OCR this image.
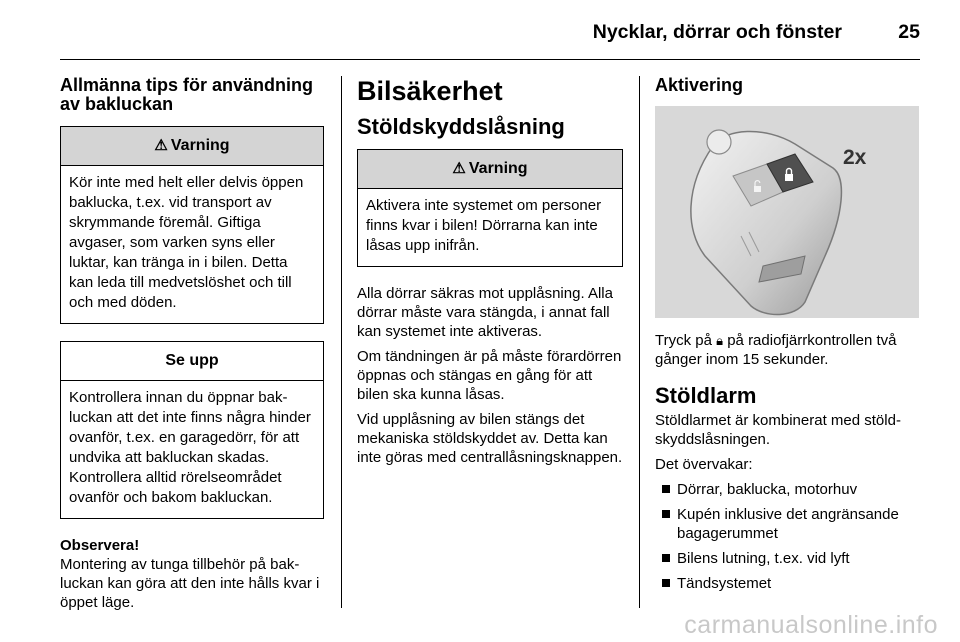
Nycklar, dörrar och fönster	25
Allmänna tips för användning av bakluckan
⚠ Varning
Kör inte med helt eller delvis öppen baklucka, t.ex. vid transport av skrymmande föremål. Giftiga avgaser, som varken syns eller luktar, kan tränga in i bilen. Detta kan leda till medvetslöshet och till och med döden.
Se upp
Kontrollera innan du öppnar bakluckan att det inte finns några hinder ovanför, t.ex. en garagedörr, för att undvika att bakluckan skadas. Kontrollera alltid rörelseområdet ovanför och bakom bakluckan.
Observera!

Montering av tunga tillbehör på bakluckan kan göra att den inte hålls kvar i öppet läge.

Bilsäkerhet
Stöldskyddslåsning
⚠ Varning
Aktivera inte systemet om personer finns kvar i bilen! Dörrarna kan inte låsas upp inifrån.

Alla dörrar säkras mot upplåsning. Alla dörrar måste vara stängda, i annat fall kan systemet inte aktiveras.

Om tändningen är på måste förardörren öppnas och stängas en gång för att bilen ska kunna låsas.

Vid upplåsning av bilen stängs det mekaniska stöldskyddet av. Detta kan inte göras med centrallåsningsknappen.

Aktivering
2x

Tryck på 🔒︎ på radiofjärrkontrollen två gånger inom 15 sekunder.

Stöldlarm

Stöldlarmet är kombinerat med stöldskyddslåsningen.

Det övervakar:

Dörrar, baklucka, motorhuv
Kupén inklusive det angränsande bagagerummet
Bilens lutning, t.ex. vid lyft
Tändsystemet
carmanualsonline.info
